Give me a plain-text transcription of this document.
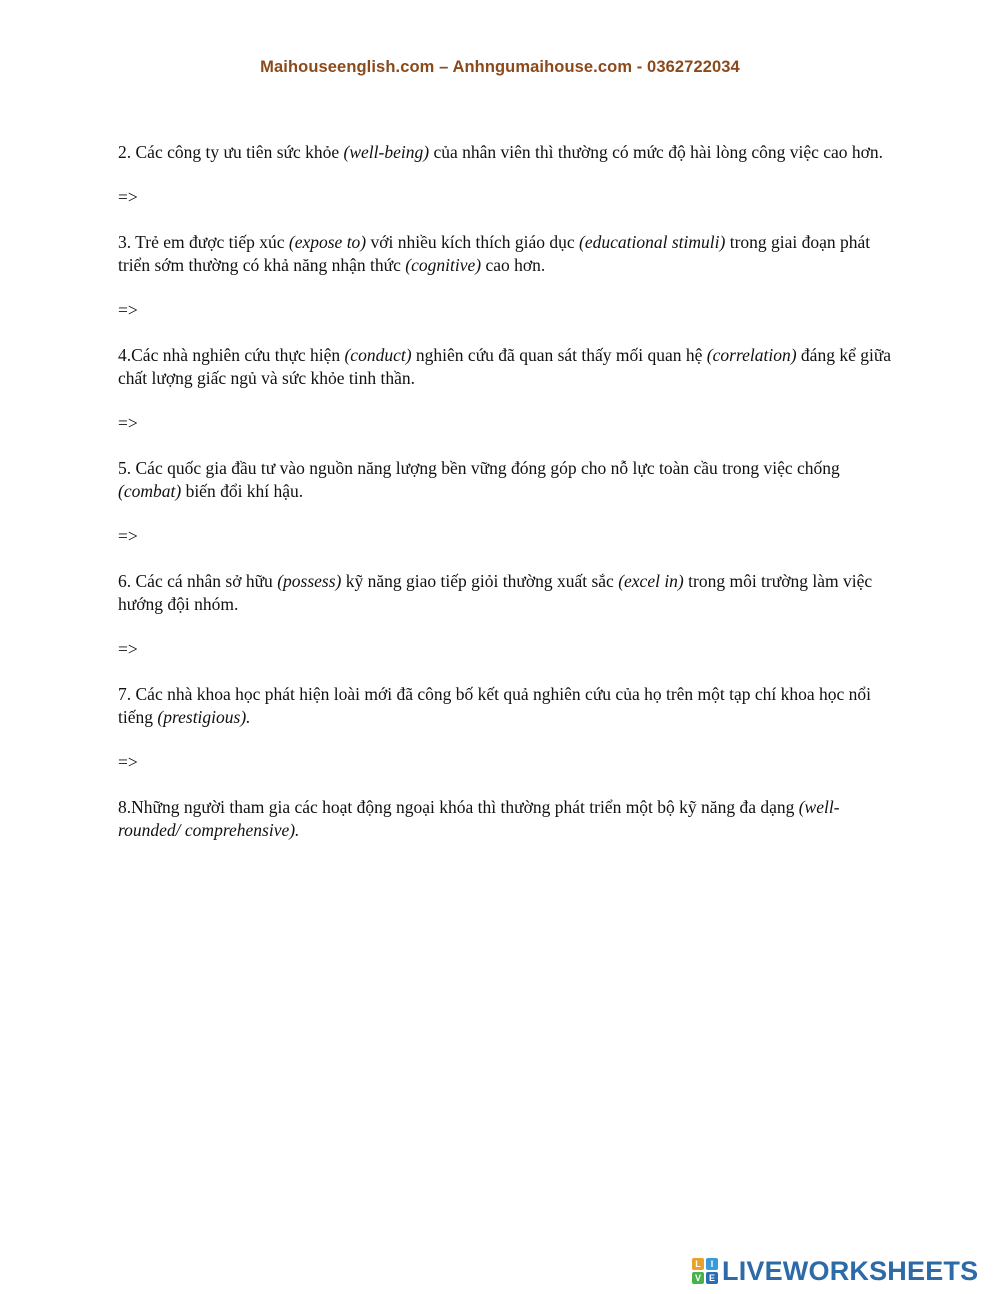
Maihouseenglish.com – Anhngumaihouse.com - 0362722034

2. Các công ty ưu tiên sức khỏe (well-being) của nhân viên thì thường có mức độ hài lòng công việc cao hơn.

=>

3. Trẻ em được tiếp xúc (expose to) với nhiều kích thích giáo dục (educational stimuli) trong giai đoạn phát triển sớm thường có khả năng nhận thức (cognitive) cao hơn.

=>

4.Các nhà nghiên cứu thực hiện (conduct) nghiên cứu đã quan sát thấy mối quan hệ (correlation) đáng kể giữa chất lượng giấc ngủ và sức khỏe tinh thần.

=>

5. Các quốc gia đầu tư vào nguồn năng lượng bền vững đóng góp cho nỗ lực toàn cầu trong việc chống (combat) biến đổi khí hậu.

=>

6. Các cá nhân sở hữu (possess) kỹ năng giao tiếp giỏi thường xuất sắc (excel in) trong môi trường làm việc hướng đội nhóm.

=>

7. Các nhà khoa học phát hiện loài mới đã công bố kết quả nghiên cứu của họ trên một tạp chí khoa học nổi tiếng (prestigious).

=>

8.Những người tham gia các hoạt động ngoại khóa thì thường phát triển một bộ kỹ năng đa dạng (well-rounded/ comprehensive).

L	I
V E LIVEWORKSHEETS
